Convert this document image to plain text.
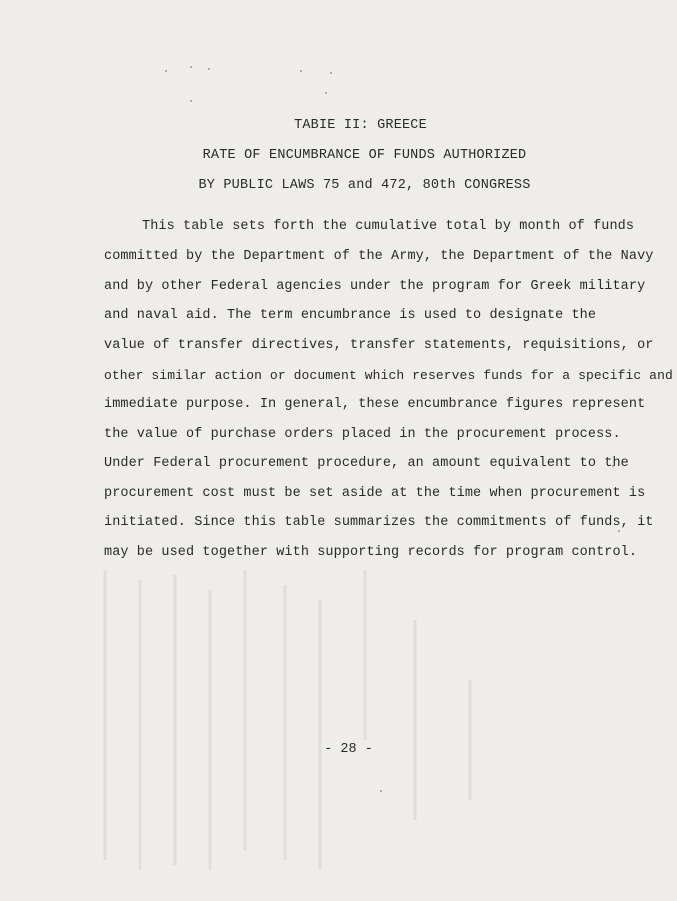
TABIE II: GREECE
RATE OF ENCUMBRANCE OF FUNDS AUTHORIZED
BY PUBLIC LAWS 75 and 472, 80th CONGRESS
This table sets forth the cumulative total by month of funds
committed by the Department of the Army, the Department of the Navy
and by other Federal agencies under the program for Greek military
and naval aid. The term encumbrance is used to designate the
value of transfer directives, transfer statements, requisitions, or
other similar action or document which reserves funds for a specific and
immediate purpose. In general, these encumbrance figures represent
the value of purchase orders placed in the procurement process.
Under Federal procurement procedure, an amount equivalent to the
procurement cost must be set aside at the time when procurement is
initiated. Since this table summarizes the commitments of funds, it
may be used together with supporting records for program control.
- 28 -
